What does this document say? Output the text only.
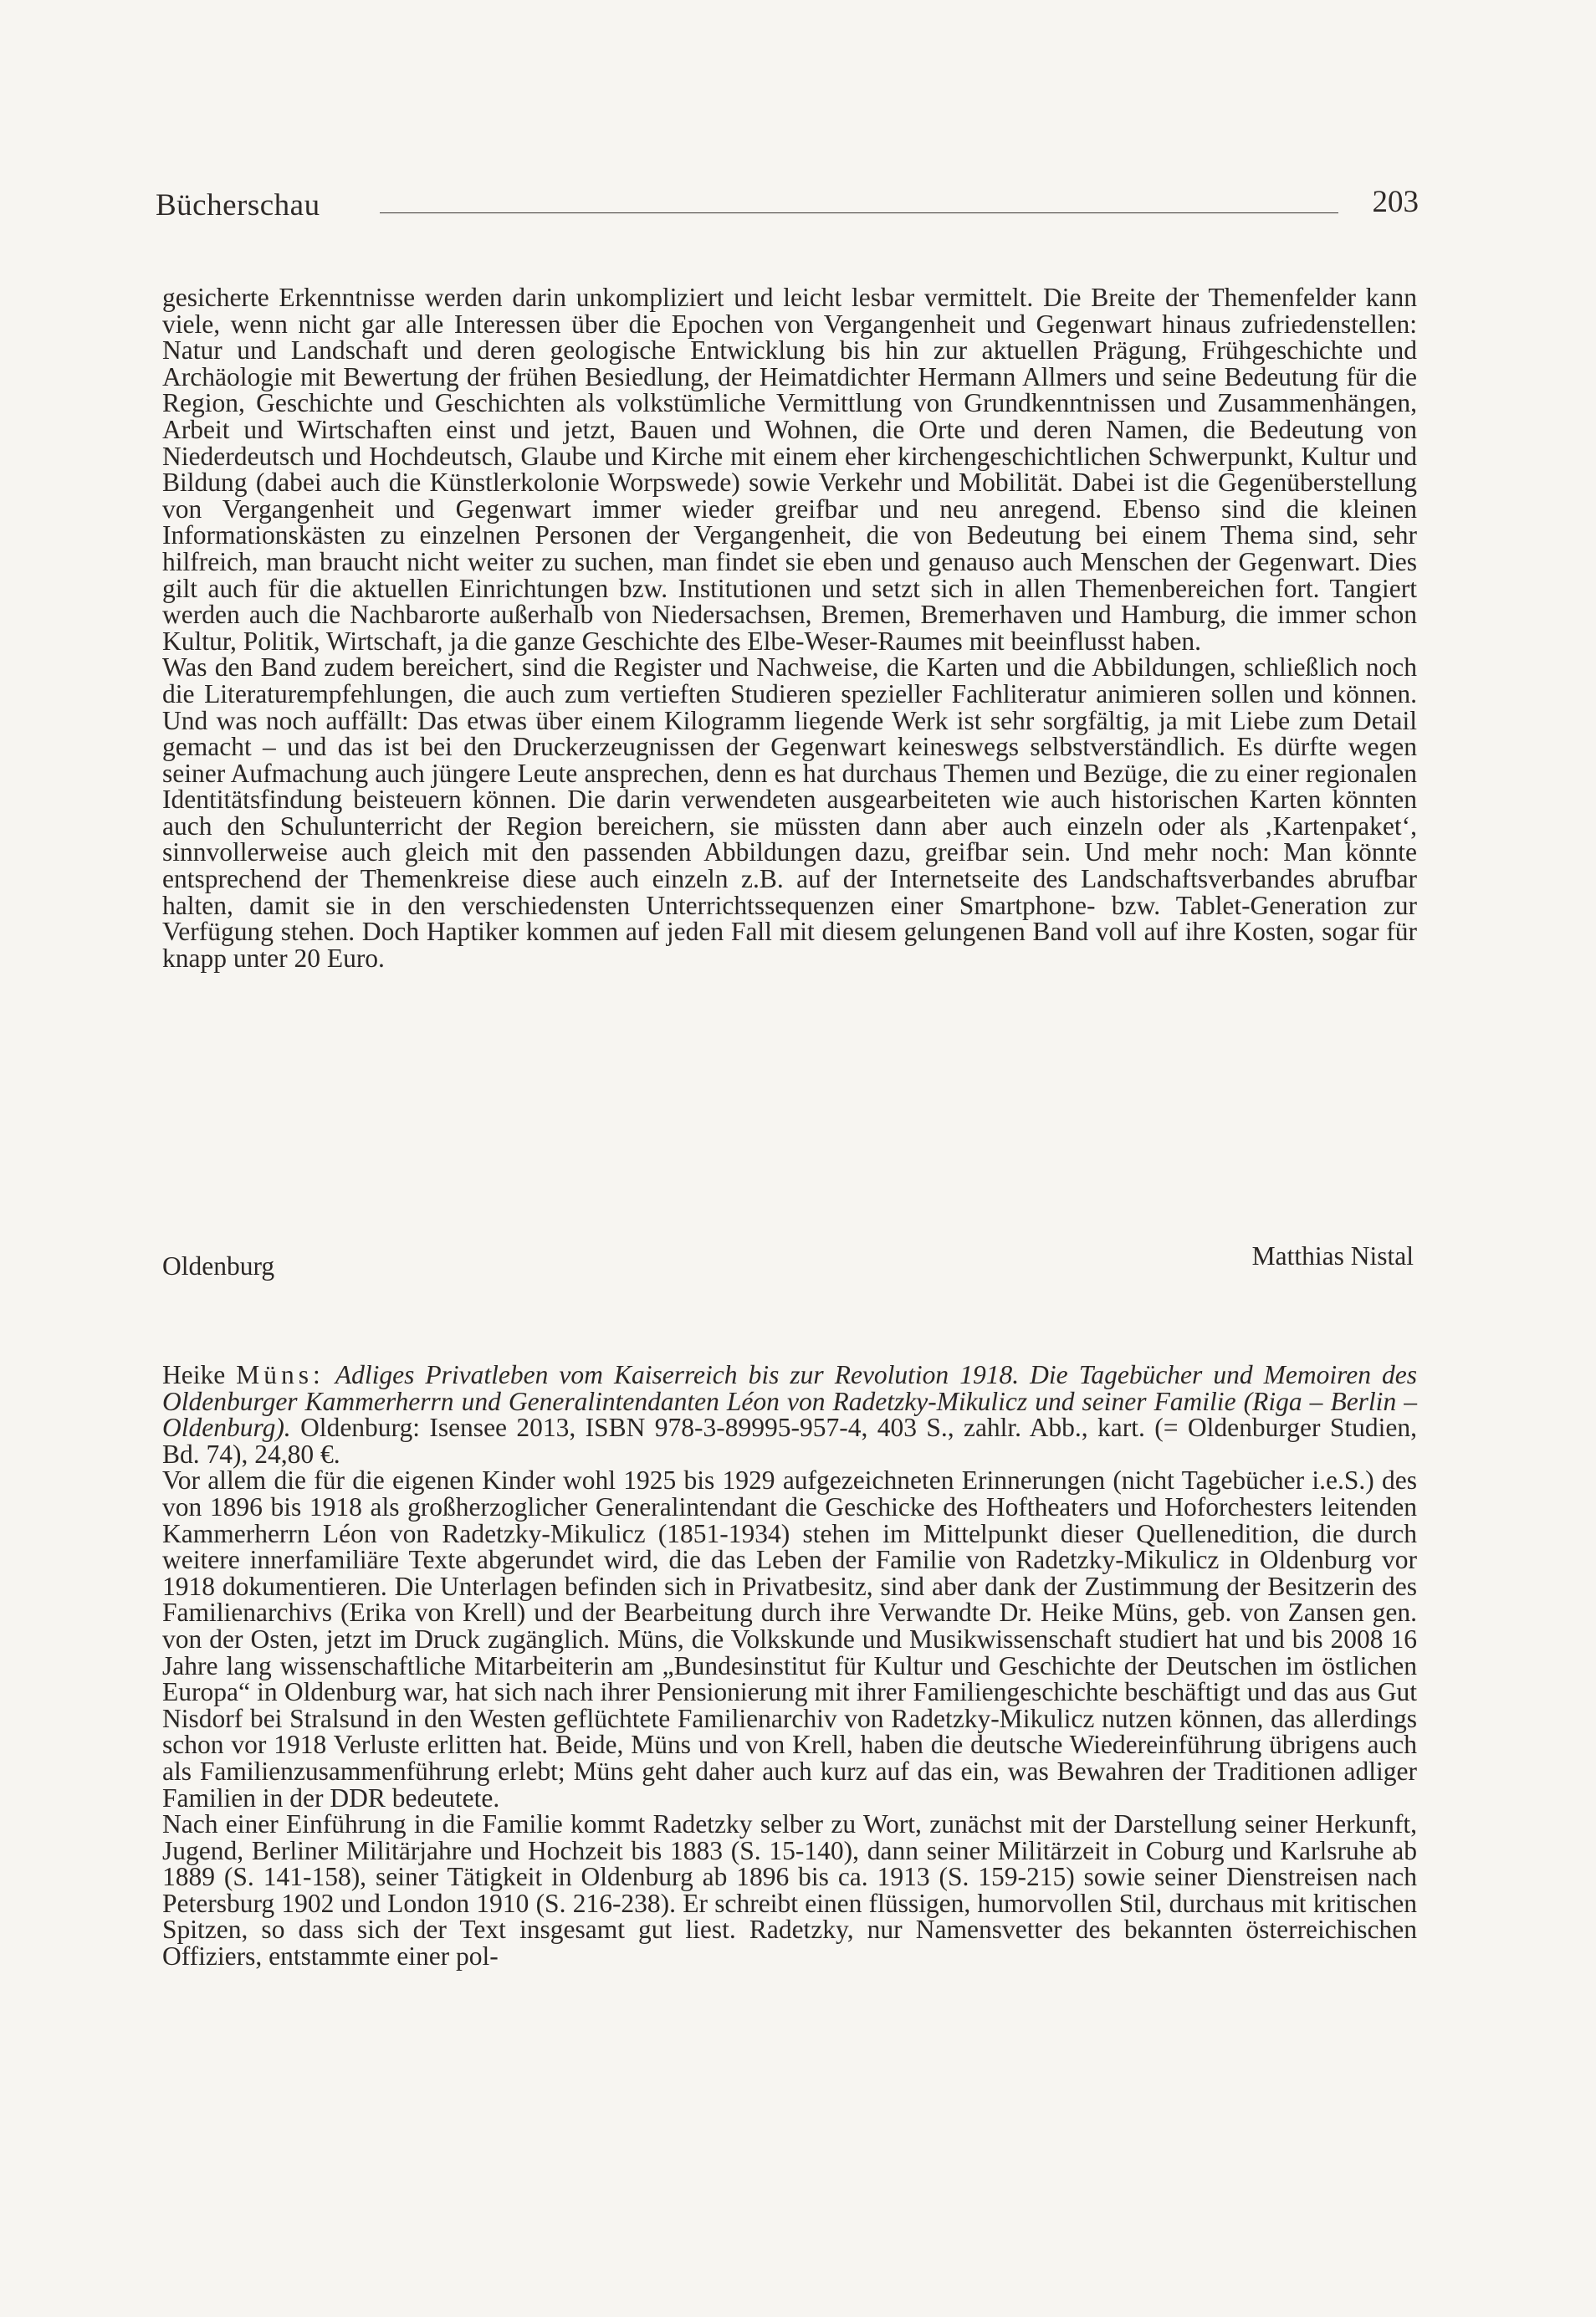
Bücherschau	203

gesicherte Erkenntnisse werden darin unkompliziert und leicht lesbar vermittelt. Die Breite der Themenfelder kann viele, wenn nicht gar alle Interessen über die Epochen von Vergangenheit und Gegenwart hinaus zufriedenstellen: Natur und Landschaft und deren geologische Entwicklung bis hin zur aktuellen Prägung, Frühgeschichte und Archäologie mit Bewertung der frühen Besiedlung, der Heimatdichter Hermann Allmers und seine Bedeutung für die Region, Geschichte und Geschichten als volkstümliche Vermittlung von Grundkenntnissen und Zusammenhängen, Arbeit und Wirtschaften einst und jetzt, Bauen und Wohnen, die Orte und deren Namen, die Bedeutung von Niederdeutsch und Hochdeutsch, Glaube und Kirche mit einem eher kirchengeschichtlichen Schwerpunkt, Kultur und Bildung (dabei auch die Künstlerkolonie Worpswede) sowie Verkehr und Mobilität. Dabei ist die Gegenüberstellung von Vergangenheit und Gegenwart immer wieder greifbar und neu anregend. Ebenso sind die kleinen Informationskästen zu einzelnen Personen der Vergangenheit, die von Bedeutung bei einem Thema sind, sehr hilfreich, man braucht nicht weiter zu suchen, man findet sie eben und genauso auch Menschen der Gegenwart. Dies gilt auch für die aktuellen Einrichtungen bzw. Institutionen und setzt sich in allen Themenbereichen fort. Tangiert werden auch die Nachbarorte außerhalb von Niedersachsen, Bremen, Bremerhaven und Hamburg, die immer schon Kultur, Politik, Wirtschaft, ja die ganze Geschichte des Elbe-Weser-Raumes mit beeinflusst haben.

Was den Band zudem bereichert, sind die Register und Nachweise, die Karten und die Abbildungen, schließlich noch die Literaturempfehlungen, die auch zum vertieften Studieren spezieller Fachliteratur animieren sollen und können. Und was noch auffällt: Das etwas über einem Kilogramm liegende Werk ist sehr sorgfältig, ja mit Liebe zum Detail gemacht – und das ist bei den Druckerzeugnissen der Gegenwart keineswegs selbstverständlich. Es dürfte wegen seiner Aufmachung auch jüngere Leute ansprechen, denn es hat durchaus Themen und Bezüge, die zu einer regionalen Identitätsfindung beisteuern können. Die darin verwendeten ausgearbeiteten wie auch historischen Karten könnten auch den Schulunterricht der Region bereichern, sie müssten dann aber auch einzeln oder als ‚Kartenpaket‘, sinnvollerweise auch gleich mit den passenden Abbildungen dazu, greifbar sein. Und mehr noch: Man könnte entsprechend der Themenkreise diese auch einzeln z.B. auf der Internetseite des Landschaftsverbandes abrufbar halten, damit sie in den verschiedensten Unterrichtssequenzen einer Smartphone- bzw. Tablet-Generation zur Verfügung stehen. Doch Haptiker kommen auf jeden Fall mit diesem gelungenen Band voll auf ihre Kosten, sogar für knapp unter 20 Euro.

Oldenburg	Matthias Nistal

Heike Müns: Adliges Privatleben vom Kaiserreich bis zur Revolution 1918. Die Tagebücher und Memoiren des Oldenburger Kammerherrn und Generalintendanten Léon von Radetzky-Mikulicz und seiner Familie (Riga – Berlin – Oldenburg). Oldenburg: Isensee 2013, ISBN 978-3-89995-957-4, 403 S., zahlr. Abb., kart. (= Oldenburger Studien, Bd. 74), 24,80 €.

Vor allem die für die eigenen Kinder wohl 1925 bis 1929 aufgezeichneten Erinnerungen (nicht Tagebücher i.e.S.) des von 1896 bis 1918 als großherzoglicher Generalintendant die Geschicke des Hoftheaters und Hoforchesters leitenden Kammerherrn Léon von Radetzky-Mikulicz (1851-1934) stehen im Mittelpunkt dieser Quellenedition, die durch weitere innerfamiliäre Texte abgerundet wird, die das Leben der Familie von Radetzky-Mikulicz in Oldenburg vor 1918 dokumentieren. Die Unterlagen befinden sich in Privatbesitz, sind aber dank der Zustimmung der Besitzerin des Familienarchivs (Erika von Krell) und der Bearbeitung durch ihre Verwandte Dr. Heike Müns, geb. von Zansen gen. von der Osten, jetzt im Druck zugänglich. Müns, die Volkskunde und Musikwissenschaft studiert hat und bis 2008 16 Jahre lang wissenschaftliche Mitarbeiterin am „Bundesinstitut für Kultur und Geschichte der Deutschen im östlichen Europa“ in Oldenburg war, hat sich nach ihrer Pensionierung mit ihrer Familiengeschichte beschäftigt und das aus Gut Nisdorf bei Stralsund in den Westen geflüchtete Familienarchiv von Radetzky-Mikulicz nutzen können, das allerdings schon vor 1918 Verluste erlitten hat. Beide, Müns und von Krell, haben die deutsche Wiedereinführung übrigens auch als Familienzusammenführung erlebt; Müns geht daher auch kurz auf das ein, was Bewahren der Traditionen adliger Familien in der DDR bedeutete.

Nach einer Einführung in die Familie kommt Radetzky selber zu Wort, zunächst mit der Darstellung seiner Herkunft, Jugend, Berliner Militärjahre und Hochzeit bis 1883 (S. 15-140), dann seiner Militärzeit in Coburg und Karlsruhe ab 1889 (S. 141-158), seiner Tätigkeit in Oldenburg ab 1896 bis ca. 1913 (S. 159-215) sowie seiner Dienstreisen nach Petersburg 1902 und London 1910 (S. 216-238). Er schreibt einen flüssigen, humorvollen Stil, durchaus mit kritischen Spitzen, so dass sich der Text insgesamt gut liest. Radetzky, nur Namensvetter des bekannten österreichischen Offiziers, entstammte einer pol-
